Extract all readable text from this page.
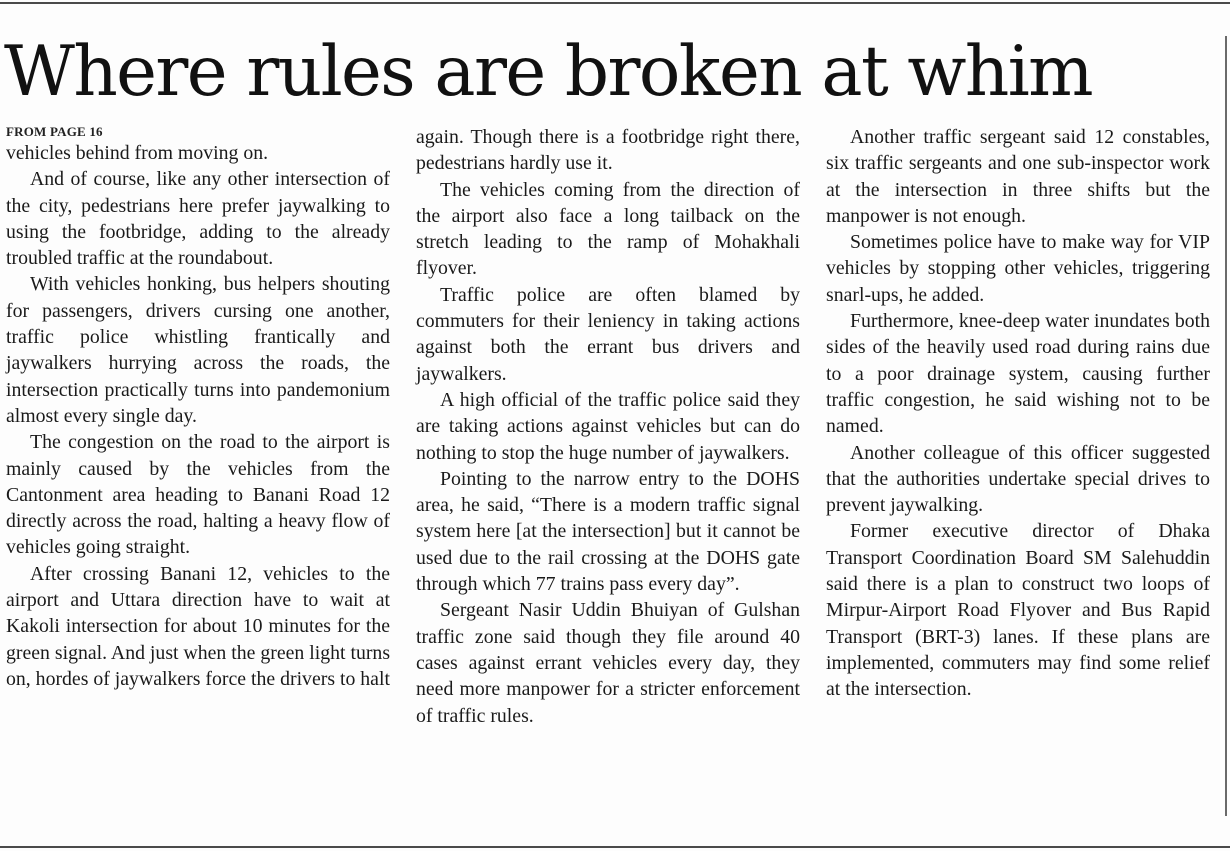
Where rules are broken at whim
FROM PAGE 16

vehicles behind from moving on.

And of course, like any other intersection of the city, pedestrians here prefer jaywalking to using the footbridge, adding to the already troubled traffic at the roundabout.

With vehicles honking, bus helpers shouting for passengers, drivers cursing one another, traffic police whistling frantically and jaywalkers hurrying across the roads, the intersection practically turns into pandemonium almost every single day.

The congestion on the road to the airport is mainly caused by the vehicles from the Cantonment area heading to Banani Road 12 directly across the road, halting a heavy flow of vehicles going straight.

After crossing Banani 12, vehicles to the airport and Uttara direction have to wait at Kakoli intersection for about 10 minutes for the green signal. And just when the green light turns on, hordes of jaywalkers force the drivers to halt

again. Though there is a footbridge right there, pedestrians hardly use it.

The vehicles coming from the direction of the airport also face a long tailback on the stretch leading to the ramp of Mohakhali flyover.

Traffic police are often blamed by commuters for their leniency in taking actions against both the errant bus drivers and jaywalkers.

A high official of the traffic police said they are taking actions against vehicles but can do nothing to stop the huge number of jaywalkers.

Pointing to the narrow entry to the DOHS area, he said, “There is a modern traffic signal system here [at the intersection] but it cannot be used due to the rail crossing at the DOHS gate through which 77 trains pass every day”.

Sergeant Nasir Uddin Bhuiyan of Gulshan traffic zone said though they file around 40 cases against errant vehicles every day, they need more manpower for a stricter enforcement of traffic rules.

Another traffic sergeant said 12 constables, six traffic sergeants and one sub-inspector work at the intersection in three shifts but the manpower is not enough.

Sometimes police have to make way for VIP vehicles by stopping other vehicles, triggering snarl-ups, he added.

Furthermore, knee-deep water inundates both sides of the heavily used road during rains due to a poor drainage system, causing further traffic congestion, he said wishing not to be named.

Another colleague of this officer suggested that the authorities undertake special drives to prevent jaywalking.

Former executive director of Dhaka Transport Coordination Board SM Salehuddin said there is a plan to construct two loops of Mirpur-Airport Road Flyover and Bus Rapid Transport (BRT-3) lanes. If these plans are implemented, commuters may find some relief at the intersection.
